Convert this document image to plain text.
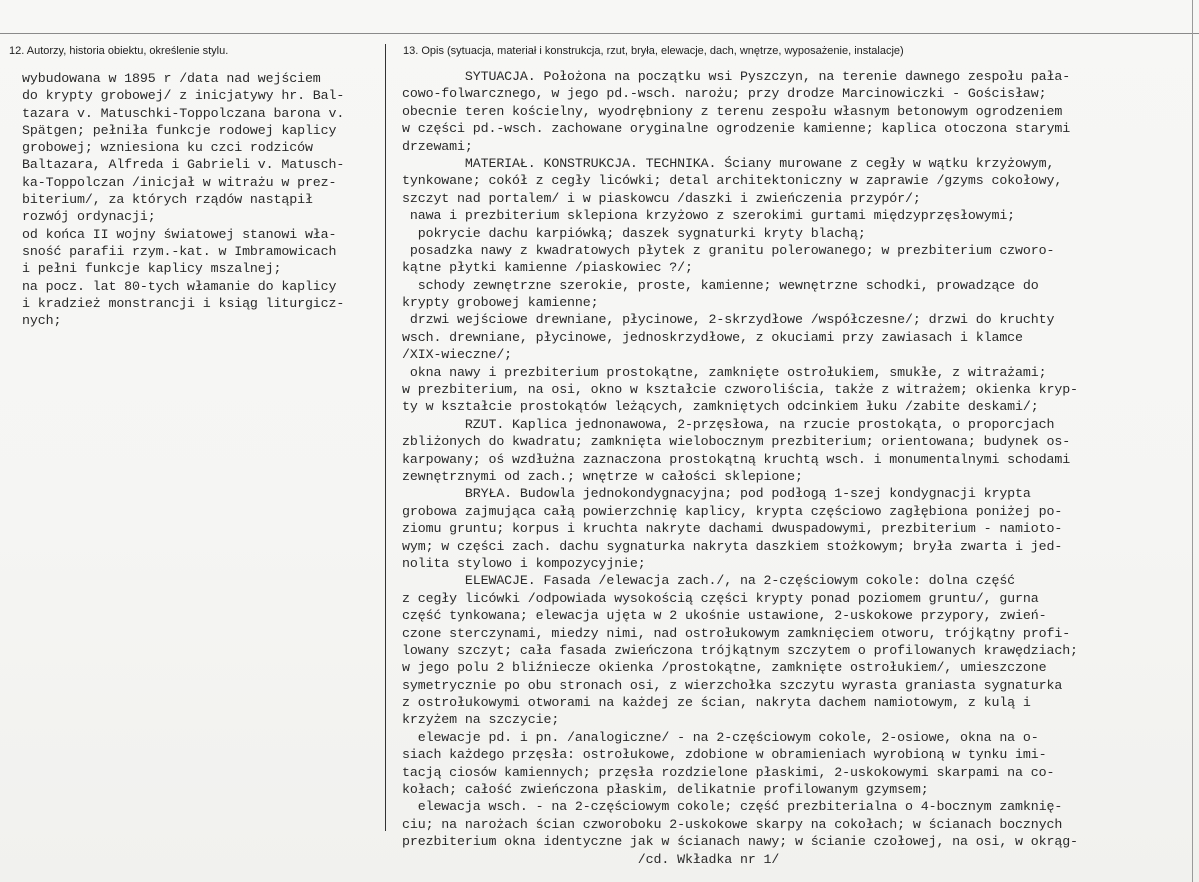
12. Autorzy, historia obiektu, określenie stylu.	13. Opis (sytuacja, materiał i konstrukcja, rzut, bryła, elewacje, dach, wnętrze, wyposażenie, instalacje)
wybudowana w 1895 r /data nad wejściem
do krypty grobowej/ z inicjatywy hr. Bal-
tazara v. Matuschki-Toppolczana barona v.
Spätgen; pełniła funkcje rodowej kaplicy
grobowej; wzniesiona ku czci rodziców
Baltazara, Alfreda i Gabrieli v. Matusch-
ka-Toppolczan /inicjał w witrażu w prez-
biterium/, za których rządów nastąpił
rozwój ordynacji;
od końca II wojny światowej stanowi wła-
sność parafii rzym.-kat. w Imbramowicach
i pełni funkcje kaplicy mszalnej;
na pocz. lat 80-tych włamanie do kaplicy
i kradzież monstrancji i ksiąg liturgicz-
nych;
SYTUACJA. Położona na początku wsi Pyszczyn, na terenie dawnego zespołu pała-
cowo-folwarcznego, w jego pd.-wsch. narożu; przy drodze Marcinowiczki - Gościsław;
obecnie teren kościelny, wyodrębniony z terenu zespołu własnym betonowym ogrodzeniem
w części pd.-wsch. zachowane oryginalne ogrodzenie kamienne; kaplica otoczona starymi
drzewami;
MATERIAŁ. KONSTRUKCJA. TECHNIKA. Ściany murowane z cegły w wątku krzyżowym,
tynkowane; cokół z cegły licówki; detal architektoniczny w zaprawie /gzyms cokołowy,
szczyt nad portalem/ i w piaskowcu /daszki i zwieńczenia przypór/;
nawa i prezbiterium sklepiona krzyżowo z szerokimi gurtami międzyprzęsłowymi;
pokrycie dachu karpiówką; daszek sygnaturki kryty blachą;
posadzka nawy z kwadratowych płytek z granitu polerowanego; w prezbiterium czworo-
kątne płytki kamienne /piaskowiec ?/;
schody zewnętrzne szerokie, proste, kamienne; wewnętrzne schodki, prowadzące do
krypty grobowej kamienne;
drzwi wejściowe drewniane, płycinowe, 2-skrzydłowe /współczesne/; drzwi do kruchty
wsch. drewniane, płycinowe, jednoskrzydłowe, z okuciami przy zawiasach i klamce
/XIX-wieczne/;
okna nawy i prezbiterium prostokątne, zamknięte ostrołukiem, smukłe, z witrażami;
w prezbiterium, na osi, okno w kształcie czworoliścia, także z witrażem; okienka kryp-
ty w kształcie prostokątów leżących, zamkniętych odcinkiem łuku /zabite deskami/;
RZUT. Kaplica jednonawowa, 2-przęsłowa, na rzucie prostokąta, o proporcjach
zbliżonych do kwadratu; zamknięta wielobocznym prezbiterium; orientowana; budynek os-
karpowany; oś wzdłużna zaznaczona prostokątną kruchtą wsch. i monumentalnymi schodami
zewnętrznymi od zach.; wnętrze w całości sklepione;
BRYŁA. Budowla jednokondygnacyjna; pod podłogą 1-szej kondygnacji krypta
grobowa zajmująca całą powierzchnię kaplicy, krypta częściowo zagłębiona poniżej po-
ziomu gruntu; korpus i kruchta nakryte dachami dwuspadowymi, prezbiterium - namioto-
wym; w części zach. dachu sygnaturka nakryta daszkiem stożkowym; bryła zwarta i jed-
nolita stylowo i kompozycyjnie;
ELEWACJE. Fasada /elewacja zach./, na 2-częściowym cokole: dolna część
z cegły licówki /odpowiada wysokością części krypty ponad poziomem gruntu/, gurna
część tynkowana; elewacja ujęta w 2 ukośnie ustawione, 2-uskokowe przypory, zwień-
czone sterczynami, miedzy nimi, nad ostrołukowym zamknięciem otworu, trójkątny profi-
lowany szczyt; cała fasada zwieńczona trójkątnym szczytem o profilowanych krawędziach;
w jego polu 2 bliźniecze okienka /prostokątne, zamknięte ostrołukiem/, umieszczone
symetrycznie po obu stronach osi, z wierzchołka szczytu wyrasta graniasta sygnaturka
z ostrołukowymi otworami na każdej ze ścian, nakryta dachem namiotowym, z kulą i
krzyżem na szczycie;
elewacje pd. i pn. /analogiczne/ - na 2-częściowym cokole, 2-osiowe, okna na o-
siach każdego przęsła: ostrołukowe, zdobione w obramieniach wyrobioną w tynku imi-
tacją ciosów kamiennych; przęsła rozdzielone płaskimi, 2-uskokowymi skarpami na co-
kołach; całość zwieńczona płaskim, delikatnie profilowanym gzymsem;
elewacja wsch. - na 2-częściowym cokole; część prezbiterialna o 4-bocznym zamknię-
ciu; na narożach ścian czworoboku 2-uskokowe skarpy na cokołach; w ścianach bocznych
prezbiterium okna identyczne jak w ścianach nawy; w ścianie czołowej, na osi, w okrąg-
/cd. Wkładka nr 1/
